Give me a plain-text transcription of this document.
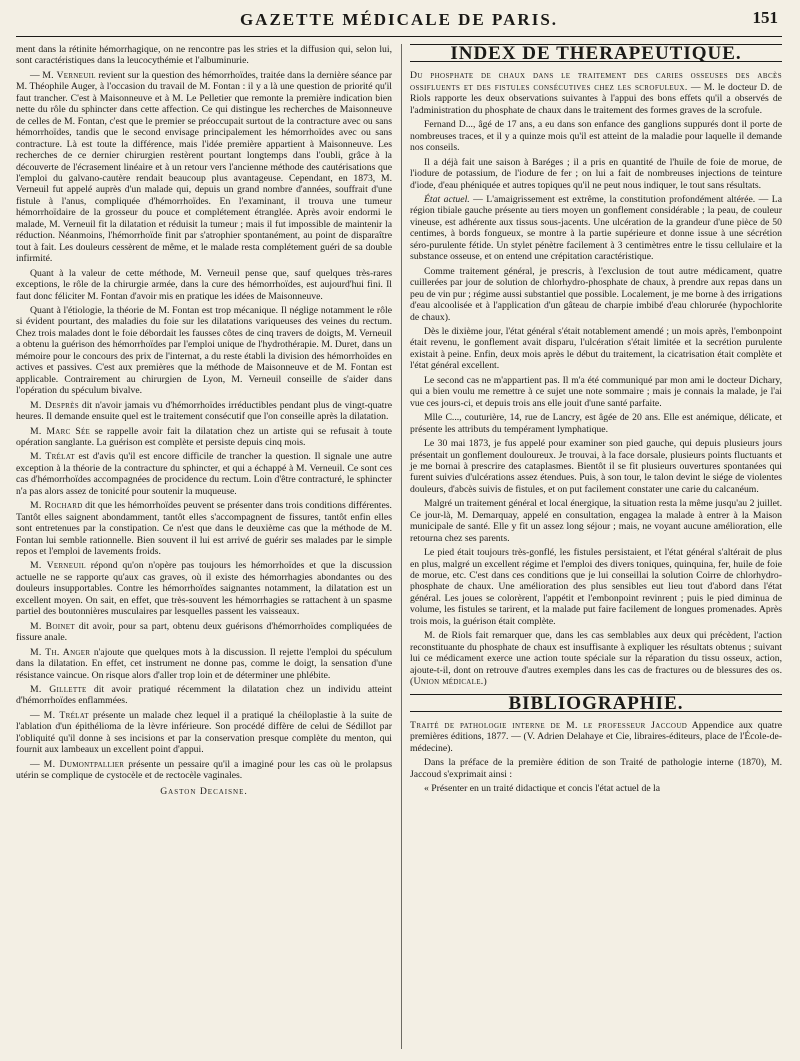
GAZETTE MÉDICALE DE PARIS.	151

ment dans la rétinite hémorrhagique, on ne rencontre pas les stries et la diffusion qui, selon lui, sont caractéristiques dans la leucocythémie et l'albuminurie.

— M. Verneuil revient sur la question des hémorrhoïdes, traitée dans la dernière séance par M. Théophile Auger, à l'occasion du travail de M. Fontan : il y a là une question de priorité qu'il faut trancher. C'est à Maisonneuve et à M. Le Pelletier que remonte la première indication bien nette du rôle du sphincter dans cette affection. Ce qui distingue les recherches de Maisonneuve de celles de M. Fontan, c'est que le premier se préoccupait surtout de la contracture avec ou sans hémorrhoïdes, tandis que le second envisage principalement les hémorrhoïdes avec ou sans contracture. Là est toute la différence, mais l'idée première appartient à Maisonneuve. Les recherches de ce dernier chirurgien restèrent pourtant longtemps dans l'oubli, grâce à la découverte de l'écrasement linéaire et à un retour vers l'ancienne méthode des cautérisations que l'emploi du galvano-cautère rendait beaucoup plus avantageuse. Cependant, en 1873, M. Verneuil fut appelé auprès d'un malade qui, depuis un grand nombre d'années, souffrait d'une fistule à l'anus, compliquée d'hémorrhoïdes. En l'examinant, il trouva une tumeur hémorrhoïdaire de la grosseur du pouce et complétement étranglée. Après avoir endormi le malade, M. Verneuil fit la dilatation et réduisit la tumeur ; mais il fut impossible de maintenir la réduction. Néanmoins, l'hémorrhoïde finit par s'atrophier spontanément, au point de disparaître tout à fait. Les douleurs cessèrent de même, et le malade resta complétement guéri de sa double infirmité.

Quant à la valeur de cette méthode, M. Verneuil pense que, sauf quelques très-rares exceptions, le rôle de la chirurgie armée, dans la cure des hémorrhoïdes, est aujourd'hui fini. Il faut donc féliciter M. Fontan d'avoir mis en pratique les idées de Maisonneuve.

Quant à l'étiologie, la théorie de M. Fontan est trop mécanique. Il néglige notamment le rôle si évident pourtant, des maladies du foie sur les dilatations variqueuses des veines du rectum. Chez trois malades dont le foie débordait les fausses côtes de cinq travers de doigts, M. Verneuil a obtenu la guérison des hémorrhoïdes par l'emploi unique de l'hydrothérapie. M. Duret, dans un mémoire pour le concours des prix de l'internat, a du reste établi la division des hémorrhoïdes en actives et passives. C'est aux premières que la méthode de Maisonneuve et de M. Fontan est applicable. Contrairement au chirurgien de Lyon, M. Verneuil conseille de s'aider dans l'opération du spéculum bivalve.

M. Desprès dit n'avoir jamais vu d'hémorrhoïdes irréductibles pendant plus de vingt-quatre heures. Il demande ensuite quel est le traitement consécutif que l'on conseille après la dilatation.

M. Marc Sée se rappelle avoir fait la dilatation chez un artiste qui se refusait à toute opération sanglante. La guérison est complète et persiste depuis cinq mois.

M. Trélat est d'avis qu'il est encore difficile de trancher la question. Il signale une autre exception à la théorie de la contracture du sphincter, et qui a échappé à M. Verneuil. Ce sont ces cas d'hémorrhoïdes accompagnées de procidence du rectum. Loin d'être contracturé, le sphincter n'a pas alors assez de tonicité pour soutenir la muqueuse.

M. Rochard dit que les hémorrhoïdes peuvent se présenter dans trois conditions différentes. Tantôt elles saignent abondamment, tantôt elles s'accompagnent de fissures, tantôt enfin elles sont entretenues par la constipation. Ce n'est que dans le deuxième cas que la méthode de M. Fontan lui semble rationnelle. Bien souvent il lui est arrivé de guérir ses malades par le simple repos et l'emploi de lavements froids.

M. Verneuil répond qu'on n'opère pas toujours les hémorrhoïdes et que la discussion actuelle ne se rapporte qu'aux cas graves, où il existe des hémorrhagies abondantes ou des douleurs insupportables. Contre les hémorrhoïdes saignantes notamment, la dilatation est un excellent moyen. On sait, en effet, que très-souvent les hémorrhagies se rattachent à un spasme partiel des boutonnières musculaires par lesquelles passent les vaisseaux.

M. Boinet dit avoir, pour sa part, obtenu deux guérisons d'hémorrhoïdes compliquées de fissure anale.

M. Th. Anger n'ajoute que quelques mots à la discussion. Il rejette l'emploi du spéculum dans la dilatation. En effet, cet instrument ne donne pas, comme le doigt, la sensation d'une résistance vaincue. On risque alors d'aller trop loin et de déterminer une phlébite.

M. Gillette dit avoir pratiqué récemment la dilatation chez un individu atteint d'hémorrhoïdes enflammées.

— M. Trélat présente un malade chez lequel il a pratiqué la chéiloplastie à la suite de l'ablation d'un épithélioma de la lèvre inférieure. Son procédé diffère de celui de Sédillot par l'obliquité qu'il donne à ses incisions et par la conservation presque complète du menton, qui fournit aux lambeaux un excellent point d'appui.

— M. Dumontpallier présente un pessaire qu'il a imaginé pour les cas où le prolapsus utérin se complique de cystocèle et de rectocèle vaginales.

Gaston Decaisne.
INDEX DE THERAPEUTIQUE.

Du phosphate de chaux dans le traitement des caries osseuses des abcès ossifluents et des fistules consécutives chez les scrofuleux. — M. le docteur D. de Riols rapporte les deux observations suivantes à l'appui des bons effets qu'il a observés de l'administration du phosphate de chaux dans le traitement des formes graves de la scrofule.

Fernand D..., âgé de 17 ans, a eu dans son enfance des ganglions suppurés dont il porte de nombreuses traces, et il y a quinze mois qu'il est atteint de la maladie pour laquelle il demande nos conseils.

Il a déjà fait une saison à Baréges ; il a pris en quantité de l'huile de foie de morue, de l'iodure de potassium, de l'iodure de fer ; on lui a fait de nombreuses injections de teinture d'iode, d'eau phéniquée et autres topiques qu'il ne peut nous indiquer, le tout sans résultats.

État actuel. — L'amaigrissement est extrême, la constitution profondément altérée. — La région tibiale gauche présente au tiers moyen un gonflement considérable ; la peau, de couleur vineuse, est adhérente aux tissus sous-jacents. Une ulcération de la grandeur d'une pièce de 50 centimes, à bords fongueux, se montre à la partie supérieure et donne issue à une sécrétion séro-purulente fétide. Un stylet pénètre facilement à 3 centimètres entre le tissu cellulaire et la substance osseuse, et on entend une crépitation caractéristique.

Comme traitement général, je prescris, à l'exclusion de tout autre médicament, quatre cuillerées par jour de solution de chlorhydro-phosphate de chaux, à prendre aux repas dans un peu de vin pur ; régime aussi substantiel que possible. Localement, je me borne à des irrigations d'eau alcoolisée et à l'application d'un gâteau de charpie imbibé d'eau chlorurée (hypochlorite de chaux).

Dès le dixième jour, l'état général s'était notablement amendé ; un mois après, l'embonpoint était revenu, le gonflement avait disparu, l'ulcération s'était limitée et la secrétion purulente existait à peine. Enfin, deux mois après le début du traitement, la cicatrisation était complète et l'état général excellent.

Le second cas ne m'appartient pas. Il m'a été communiqué par mon ami le docteur Dichary, qui a bien voulu me remettre à ce sujet une note sommaire ; mais je connais la malade, je l'ai vue ces jours-ci, et depuis trois ans elle jouit d'une santé parfaite.

Mlle C..., couturière, 14, rue de Lancry, est âgée de 20 ans. Elle est anémique, délicate, et présente les attributs du tempérament lymphatique.

Le 30 mai 1873, je fus appelé pour examiner son pied gauche, qui depuis plusieurs jours présentait un gonflement douloureux. Je trouvai, à la face dorsale, plusieurs points fluctuants et je me bornai à prescrire des cataplasmes. Bientôt il se fit plusieurs ouvertures spontanées qui furent suivies d'ulcérations assez étendues. Puis, à son tour, le talon devint le siége de violentes douleurs, d'abcès suivis de fistules, et on put facilement constater une carie du calcanéum.

Malgré un traitement général et local énergique, la situation resta la même jusqu'au 2 juillet. Ce jour-là, M. Demarquay, appelé en consultation, engagea la malade à entrer à la Maison municipale de santé. Elle y fit un assez long séjour ; mais, ne voyant aucune amélioration, elle retourna chez ses parents.

Le pied était toujours très-gonflé, les fistules persistaient, et l'état général s'altérait de plus en plus, malgré un excellent régime et l'emploi des divers toniques, quinquina, fer, huile de foie de morue, etc. C'est dans ces conditions que je lui conseillai la solution Coirre de chlorhydro-phosphate de chaux. Une amélioration des plus sensibles eut lieu tout d'abord dans l'état général. Les joues se colorèrent, l'appétit et l'embonpoint revinrent ; puis le pied diminua de volume, les fistules se tarirent, et la malade put faire facilement de longues promenades. Après trois mois, la guérison était complète.

M. de Riols fait remarquer que, dans les cas semblables aux deux qui précèdent, l'action reconstituante du phosphate de chaux est insuffisante à expliquer les résultats obtenus ; suivant lui ce médicament exerce une action toute spéciale sur la réparation du tissu osseux, action, ajoute-t-il, dont on retrouve d'autres exemples dans les cas de fractures ou de blessures des os. (Union médicale.)

BIBLIOGRAPHIE.

Traité de pathologie interne de M. le professeur Jaccoud Appendice aux quatre premières éditions, 1877. — (V. Adrien Delahaye et Cie, libraires-éditeurs, place de l'École-de-médecine).

Dans la préface de la première édition de son Traité de pathologie interne (1870), M. Jaccoud s'exprimait ainsi :

« Présenter en un traité didactique et concis l'état actuel de la
